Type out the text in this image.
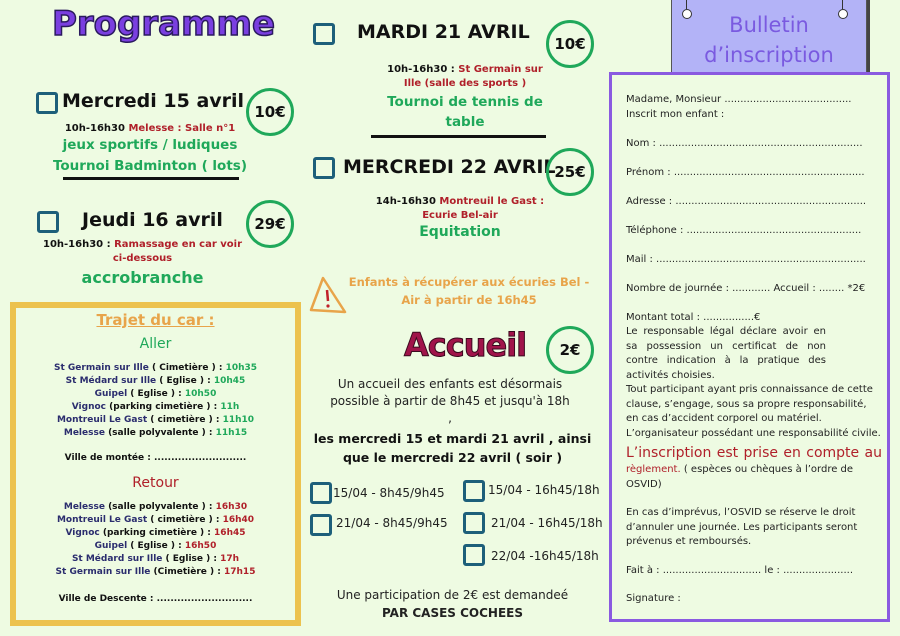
Programme
Mercredi 15 avril 10€
10h-16h30 Melesse : Salle n°1
jeux sportifs / ludiques
Tournoi Badminton ( lots)
Jeudi 16 avril	29€
10h-16h30 : Ramassage en car voir ci-dessous
accrobranche
MARDI 21 AVRIL
10€
10h-16h30 : St Germain sur Ille (salle des sports )
Tournoi de tennis de table
MERCREDI 22 AVRIL
25€
14h-16h30 Montreuil le Gast : Ecurie Bel-air
Equitation
Enfants à récupérer aux écuries Bel - Air à partir de 16h45
Trajet du car :
Aller
St Germain sur Ille ( Cimetière ) : 10h35
St Médard sur Ille ( Eglise ) : 10h45
Guipel ( Eglise ) : 10h50
Vignoc (parking cimetière ) : 11h
Montreuil Le Gast ( cimetière ) : 11h10
Melesse (salle polyvalente ) : 11h15
Ville de montée : ...........................
Retour
Melesse (salle polyvalente ) : 16h30
Montreuil Le Gast ( cimetière ) : 16h40
Vignoc (parking cimetière ) : 16h45
Guipel ( Eglise ) : 16h50
St Médard sur Ille ( Eglise ) : 17h
St Germain sur Ille (Cimetière ) : 17h15
Ville de Descente : ............................
Accueil	2€
Un accueil des enfants est désormais possible à partir de 8h45 et jusqu'à 18h ,
les mercredi 15 et mardi 21 avril , ainsi que le mercredi 22 avril ( soir )
15/04 - 8h45/9h45	15/04 - 16h45/18h
21/04 - 8h45/9h45	21/04 - 16h45/18h
22/04 -16h45/18h
Une participation de 2€ est demandeé PAR CASES COCHEES
Bulletin
d’inscription
Madame, Monsieur ........................................
Inscrit mon enfant :
Nom : ................................................................
Prénom : ............................................................
Adresse : ............................................................
Téléphone : .......................................................
Mail : ..................................................................
Nombre de journée : ............ Accueil : ........ *2€
Montant total : ................€
Le responsable légal déclare avoir en sa possession un certificat de non contre indication à la pratique des activités choisies.
Tout participant ayant pris connaissance de cette clause, s’engage, sous sa propre responsabilité, en cas d’accident corporel ou matériel. L’organisateur possédant une responsabilité civile.
L’inscription est prise en compte au
règlement. ( espèces ou chèques à l’ordre de OSVID)
En cas d’imprévus, l’OSVID se réserve le droit d’annuler une journée. Les participants seront prévenus et remboursés.
Fait à : ............................... le : ......................
Signature :
